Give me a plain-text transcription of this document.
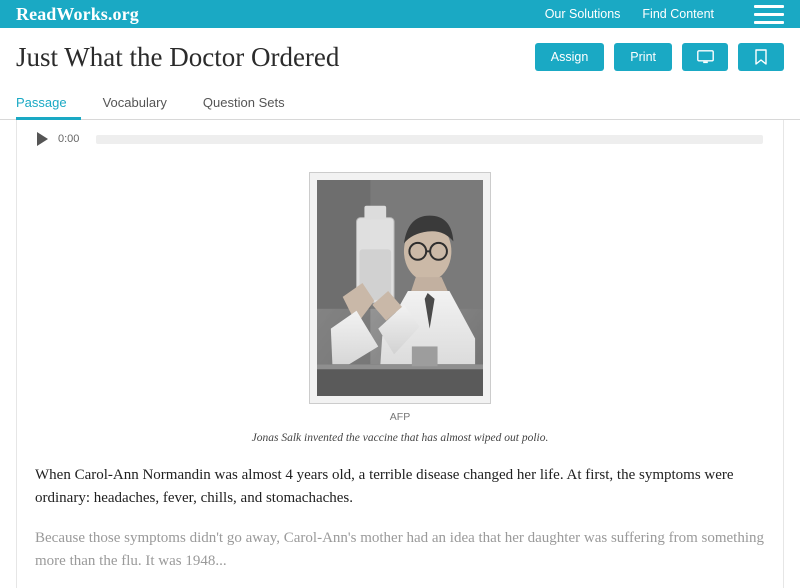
ReadWorks.org	Our Solutions Find Content
Just What the Doctor Ordered	Assign	Print
Passage	Vocabulary	Question Sets
0:00
AFP
Jonas Salk invented the vaccine that has almost wiped out polio.

When Carol-Ann Normandin was almost 4 years old, a terrible disease changed her life. At first, the symptoms were ordinary: headaches, fever, chills, and stomachaches.

Because those symptoms didn't go away, Carol-Ann's mother had an idea that her daughter was suffering from something more than the flu. It was 1948...
